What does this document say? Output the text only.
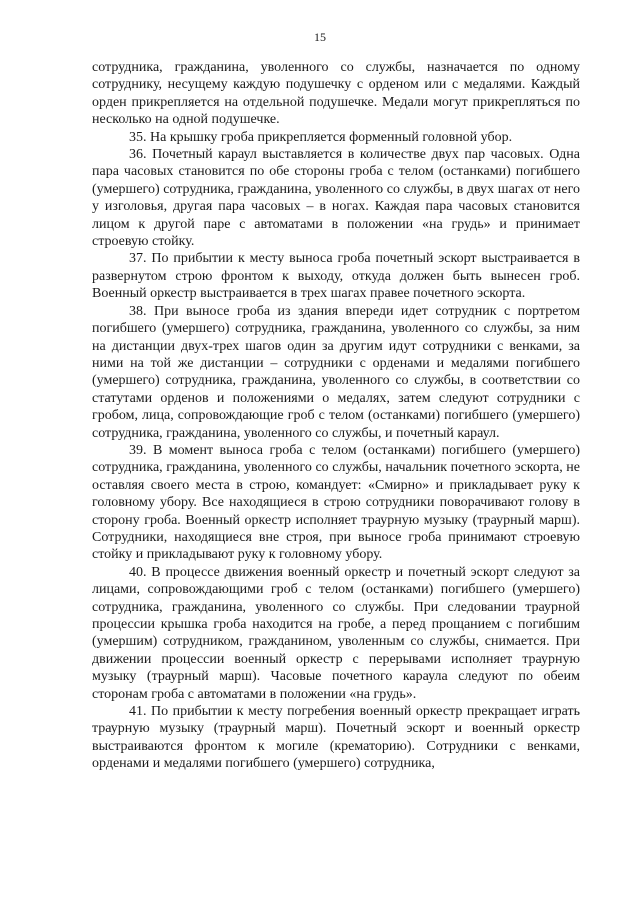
15

сотрудника, гражданина, уволенного со службы, назначается по одному сотруднику, несущему каждую подушечку с орденом или с медалями. Каждый орден прикрепляется на отдельной подушечке. Медали могут прикрепляться по несколько на одной подушечке.

35. На крышку гроба прикрепляется форменный головной убор.

36. Почетный караул выставляется в количестве двух пар часовых. Одна пара часовых становится по обе стороны гроба с телом (останками) погибшего (умершего) сотрудника, гражданина, уволенного со службы, в двух шагах от него у изголовья, другая пара часовых – в ногах. Каждая пара часовых становится лицом к другой паре с автоматами в положении «на грудь» и принимает строевую стойку.

37. По прибытии к месту выноса гроба почетный эскорт выстраивается в развернутом строю фронтом к выходу, откуда должен быть вынесен гроб. Военный оркестр выстраивается в трех шагах правее почетного эскорта.

38. При выносе гроба из здания впереди идет сотрудник с портретом погибшего (умершего) сотрудника, гражданина, уволенного со службы, за ним на дистанции двух-трех шагов один за другим идут сотрудники с венками, за ними на той же дистанции – сотрудники с орденами и медалями погибшего (умершего) сотрудника, гражданина, уволенного со службы, в соответствии со статутами орденов и положениями о медалях, затем следуют сотрудники с гробом, лица, сопровождающие гроб с телом (останками) погибшего (умершего) сотрудника, гражданина, уволенного со службы, и почетный караул.

39. В момент выноса гроба с телом (останками) погибшего (умершего) сотрудника, гражданина, уволенного со службы, начальник почетного эскорта, не оставляя своего места в строю, командует: «Смирно» и прикладывает руку к головному убору. Все находящиеся в строю сотрудники поворачивают голову в сторону гроба. Военный оркестр исполняет траурную музыку (траурный марш). Сотрудники, находящиеся вне строя, при выносе гроба принимают строевую стойку и прикладывают руку к головному убору.

40. В процессе движения военный оркестр и почетный эскорт следуют за лицами, сопровождающими гроб с телом (останками) погибшего (умершего) сотрудника, гражданина, уволенного со службы. При следовании траурной процессии крышка гроба находится на гробе, а перед прощанием с погибшим (умершим) сотрудником, гражданином, уволенным со службы, снимается. При движении процессии военный оркестр с перерывами исполняет траурную музыку (траурный марш). Часовые почетного караула следуют по обеим сторонам гроба с автоматами в положении «на грудь».

41. По прибытии к месту погребения военный оркестр прекращает играть траурную музыку (траурный марш). Почетный эскорт и военный оркестр выстраиваются фронтом к могиле (крематорию). Сотрудники с венками, орденами и медалями погибшего (умершего) сотрудника,
